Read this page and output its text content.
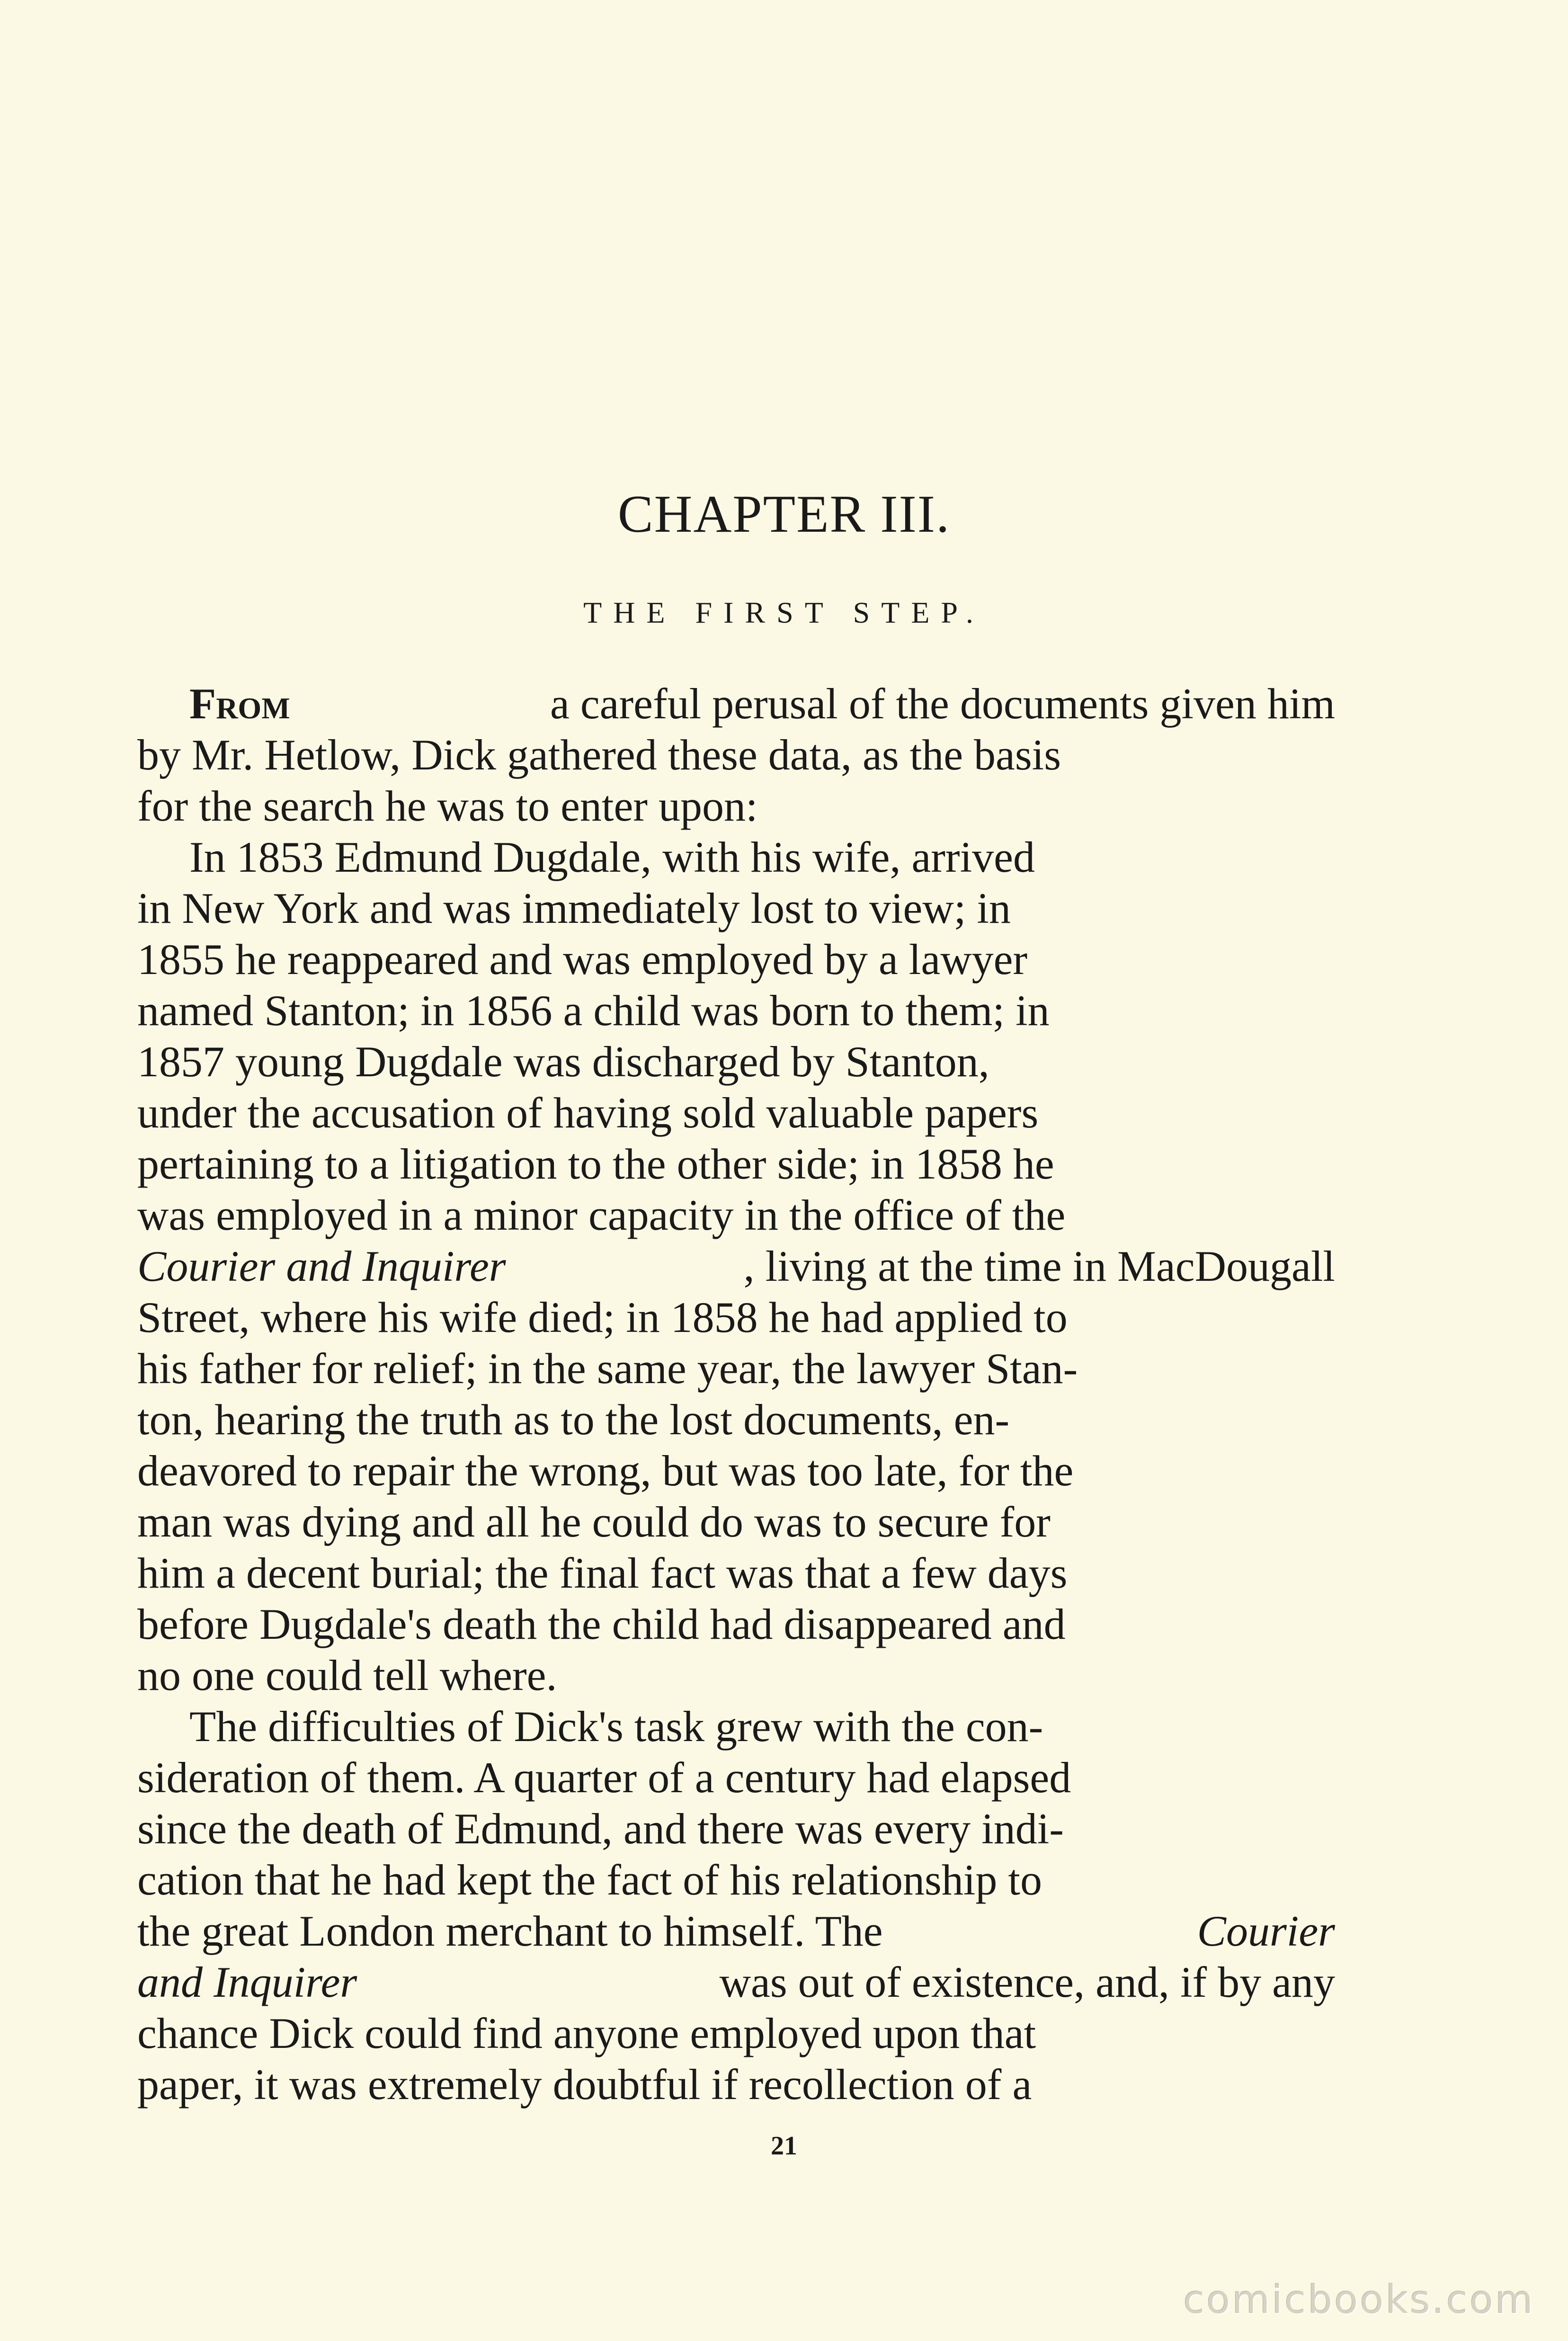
CHAPTER III.
THE FIRST STEP.
From	a careful perusal of the documents given him
by Mr. Hetlow, Dick gathered these data, as the basis
for the search he was to enter upon:
In 1853 Edmund Dugdale, with his wife, arrived
in New York and was immediately lost to view; in
1855 he reappeared and was employed by a lawyer
named Stanton; in 1856 a child was born to them; in
1857 young Dugdale was discharged by Stanton,
under the accusation of having sold valuable papers
pertaining to a litigation to the other side; in 1858 he
was employed in a minor capacity in the office of the
Courier and Inquirer	, living at the time in MacDougall
Street, where his wife died; in 1858 he had applied to
his father for relief; in the same year, the lawyer Stan-
ton, hearing the truth as to the lost documents, en-
deavored to repair the wrong, but was too late, for the
man was dying and all he could do was to secure for
him a decent burial; the final fact was that a few days
before Dugdale's death the child had disappeared and
no one could tell where.
The difficulties of Dick's task grew with the con-
sideration of them. A quarter of a century had elapsed
since the death of Edmund, and there was every indi-
cation that he had kept the fact of his relationship to
the great London merchant to himself. The	Courier
and Inquirer	was out of existence, and, if by any
chance Dick could find anyone employed upon that
paper, it was extremely doubtful if recollection of a
21
comicbooks.com
